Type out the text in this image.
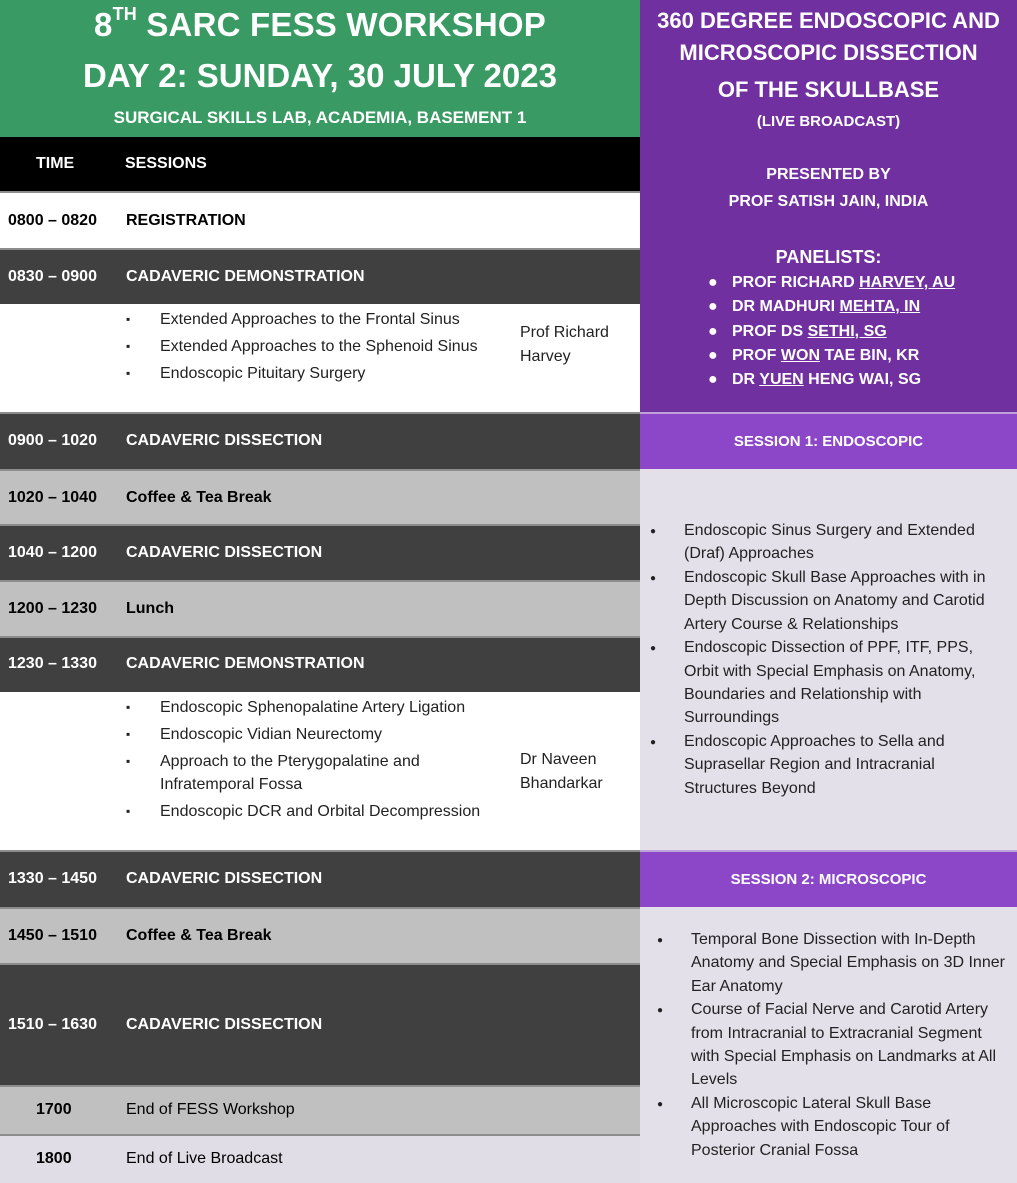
8TH SARC FESS WORKSHOP
DAY 2: SUNDAY, 30 JULY 2023
SURGICAL SKILLS LAB, ACADEMIA, BASEMENT 1
360 DEGREE ENDOSCOPIC AND
MICROSCOPIC DISSECTION
OF THE SKULLBASE
(LIVE BROADCAST)
PRESENTED BY
PROF SATISH JAIN, INDIA
PANELISTS:
● PROF RICHARD HARVEY, AU
● DR MADHURI MEHTA, IN
● PROF DS SETHI, SG
● PROF WON TAE BIN, KR
● DR YUEN HENG WAI, SG
TIME	SESSIONS
0800 – 0820 REGISTRATION
0830 – 0900 CADAVERIC DEMONSTRATION
▪ Extended Approaches to the Frontal Sinus
▪ Extended Approaches to the Sphenoid Sinus
▪ Endoscopic Pituitary Surgery
Prof Richard Harvey
0900 – 1020 CADAVERIC DISSECTION
1020 – 1040 Coffee & Tea Break
1040 – 1200 CADAVERIC DISSECTION
1200 – 1230 Lunch
1230 – 1330 CADAVERIC DEMONSTRATION
▪ Endoscopic Sphenopalatine Artery Ligation
▪ Endoscopic Vidian Neurectomy
▪ Approach to the Pterygopalatine and Infratemporal Fossa
▪ Endoscopic DCR and Orbital Decompression
Dr Naveen Bhandarkar
1330 – 1450 CADAVERIC DISSECTION
1450 – 1510 Coffee & Tea Break
1510 – 1630 CADAVERIC DISSECTION
1700	End of FESS Workshop
1800	End of Live Broadcast
SESSION 1: ENDOSCOPIC
● Endoscopic Sinus Surgery and Extended (Draf) Approaches
● Endoscopic Skull Base Approaches with in Depth Discussion on Anatomy and Carotid Artery Course & Relationships
● Endoscopic Dissection of PPF, ITF, PPS, Orbit with Special Emphasis on Anatomy, Boundaries and Relationship with Surroundings
● Endoscopic Approaches to Sella and Suprasellar Region and Intracranial Structures Beyond
SESSION 2: MICROSCOPIC
● Temporal Bone Dissection with In-Depth Anatomy and Special Emphasis on 3D Inner Ear Anatomy
● Course of Facial Nerve and Carotid Artery from Intracranial to Extracranial Segment with Special Emphasis on Landmarks at All Levels
● All Microscopic Lateral Skull Base Approaches with Endoscopic Tour of Posterior Cranial Fossa
